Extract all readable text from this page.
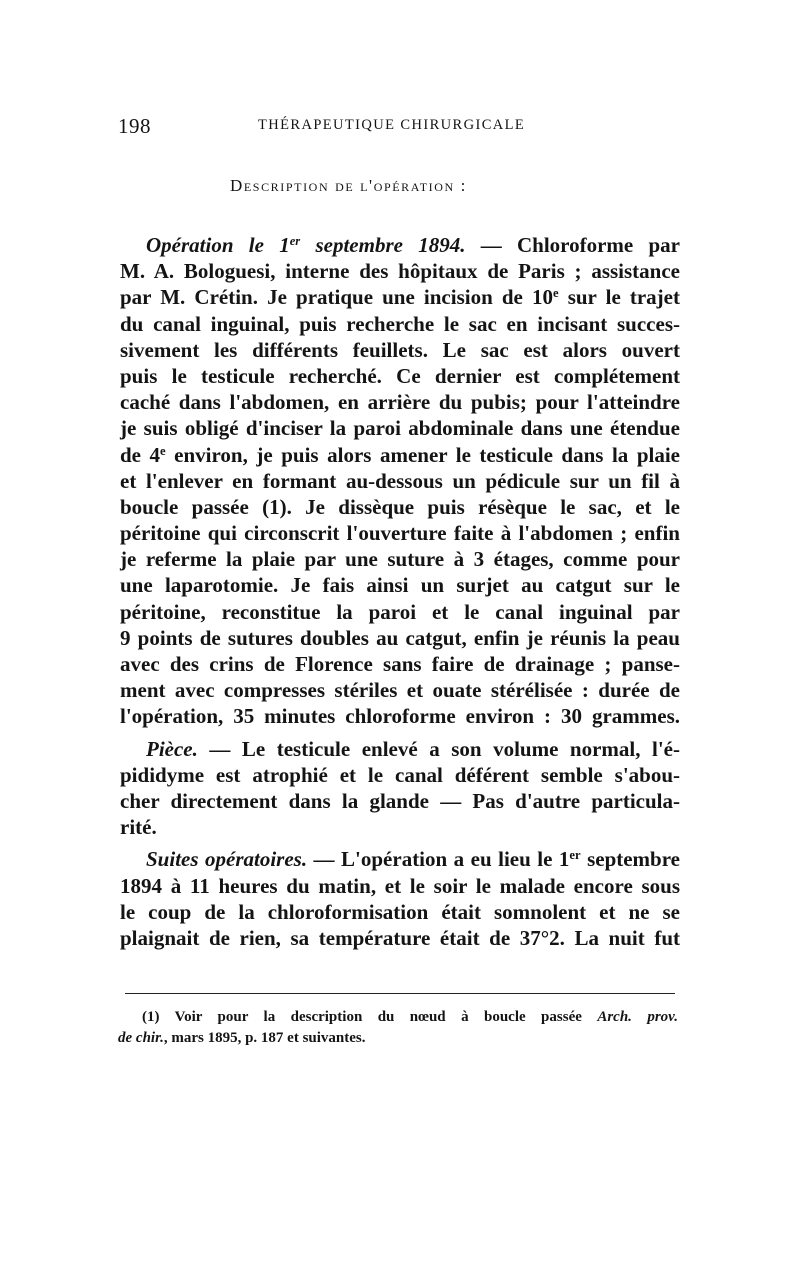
198	THÉRAPEUTIQUE CHIRURGICALE
Description de l'opération :
Opération le 1er septembre 1894. — Chloroforme par
M. A. Bologuesi, interne des hôpitaux de Paris ; assistance
par M. Crétin. Je pratique une incision de 10e sur le trajet
du canal inguinal, puis recherche le sac en incisant succes-
sivement les différents feuillets. Le sac est alors ouvert
puis le testicule recherché. Ce dernier est complétement
caché dans l'abdomen, en arrière du pubis; pour l'atteindre
je suis obligé d'inciser la paroi abdominale dans une étendue
de 4e environ, je puis alors amener le testicule dans la plaie
et l'enlever en formant au-dessous un pédicule sur un fil à
boucle passée (1). Je dissèque puis résèque le sac, et le
péritoine qui circonscrit l'ouverture faite à l'abdomen ; enfin
je referme la plaie par une suture à 3 étages, comme pour
une laparotomie. Je fais ainsi un surjet au catgut sur le
péritoine, reconstitue la paroi et le canal inguinal par
9 points de sutures doubles au catgut, enfin je réunis la peau
avec des crins de Florence sans faire de drainage ; panse-
ment avec compresses stériles et ouate stérélisée : durée de
l'opération, 35 minutes chloroforme environ : 30 grammes.
Pièce. — Le testicule enlevé a son volume normal, l'é-
pididyme est atrophié et le canal déférent semble s'abou-
cher directement dans la glande — Pas d'autre particula-
rité.
Suites opératoires. — L'opération a eu lieu le 1er septembre
1894 à 11 heures du matin, et le soir le malade encore sous
le coup de la chloroformisation était somnolent et ne se
plaignait de rien, sa température était de 37°2. La nuit fut
(1) Voir pour la description du nœud à boucle passée Arch. prov.
de chir., mars 1895, p. 187 et suivantes.
